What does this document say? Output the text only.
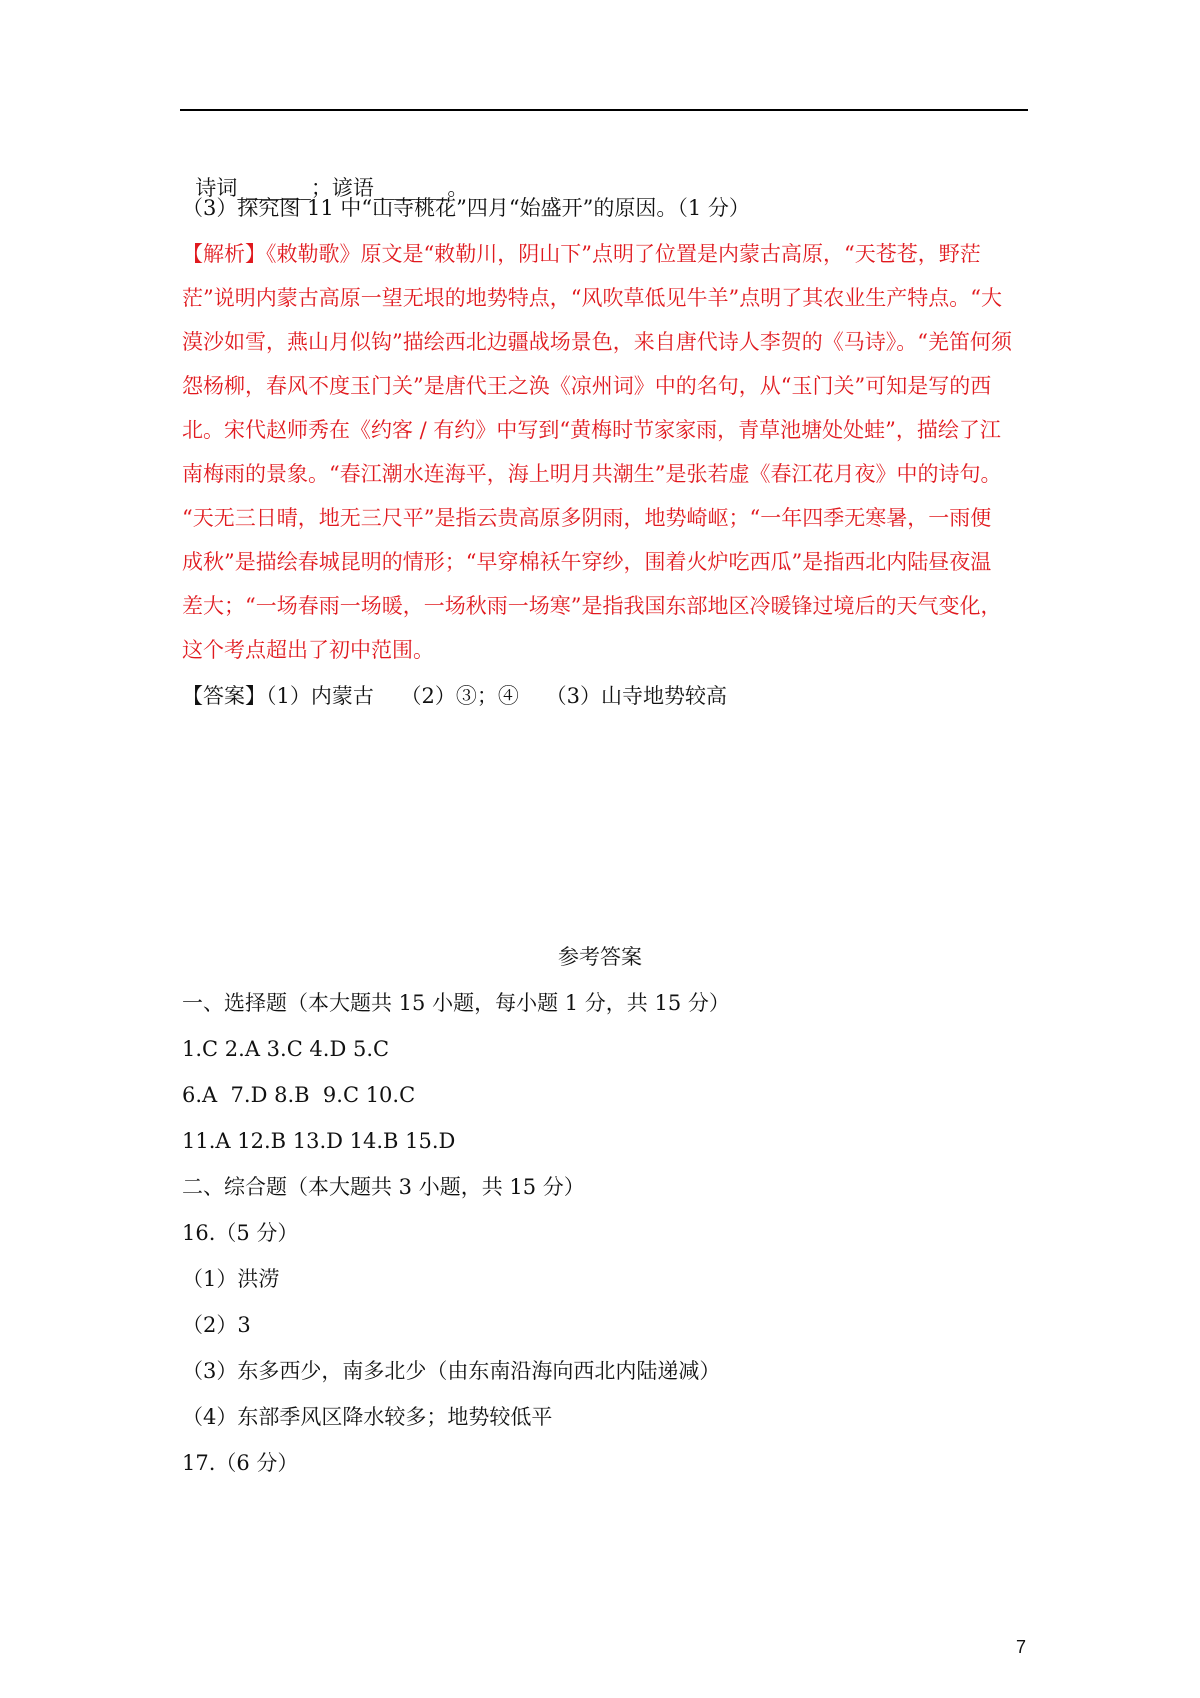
诗词_______；谚语_______。

（3）探究图 11 中“山寺桃花”四月“始盛开”的原因。（1 分）
【解析】《敕勒歌》原文是“敕勒川，阴山下”点明了位置是内蒙古高原，“天苍苍，野茫
茫”说明内蒙古高原一望无垠的地势特点，“风吹草低见牛羊”点明了其农业生产特点。“大
漠沙如雪，燕山月似钩”描绘西北边疆战场景色，来自唐代诗人李贺的《马诗》。“羌笛何须
怨杨柳，春风不度玉门关”是唐代王之涣《凉州词》中的名句，从“玉门关”可知是写的西
北。宋代赵师秀在《约客 / 有约》中写到“黄梅时节家家雨，青草池塘处处蛙”，描绘了江
南梅雨的景象。“春江潮水连海平，海上明月共潮生”是张若虚《春江花月夜》中的诗句。
“天无三日晴，地无三尺平”是指云贵高原多阴雨，地势崎岖；“一年四季无寒暑，一雨便
成秋”是描绘春城昆明的情形；“早穿棉袄午穿纱，围着火炉吃西瓜”是指西北内陆昼夜温
差大；“一场春雨一场暖，一场秋雨一场寒”是指我国东部地区冷暖锋过境后的天气变化，
这个考点超出了初中范围。
【答案】（1）内蒙古    （2）③；④    （3）山寺地势较高
参考答案
一、选择题（本大题共 15 小题，每小题 1 分，共 15 分）
1.C 2.A 3.C 4.D 5.C
6.A  7.D 8.B  9.C 10.C
11.A 12.B 13.D 14.B 15.D
二、综合题（本大题共 3 小题，共 15 分）
16.（5 分）
（1）洪涝
（2）3
（3）东多西少，南多北少（由东南沿海向西北内陆递减）
（4）东部季风区降水较多；地势较低平
17.（6 分）
7
